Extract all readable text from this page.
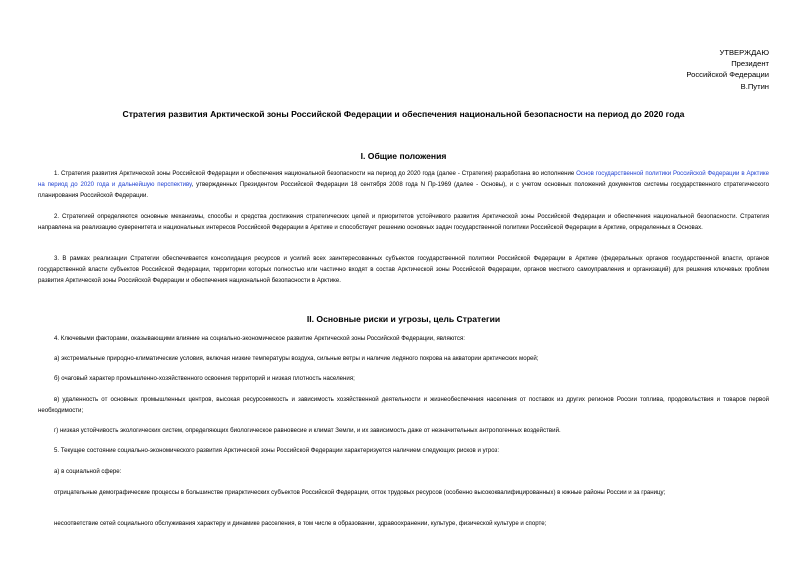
УТВЕРЖДАЮ
Президент
Российской Федерации
В.Путин
Стратегия развития Арктической зоны Российской Федерации и обеспечения национальной безопасности на период до 2020 года
I. Общие положения
1. Стратегия развития Арктической зоны Российской Федерации и обеспечения национальной безопасности на период до 2020 года (далее - Стратегия) разработана во исполнение Основ государственной политики Российской Федерации в Арктике на период до 2020 года и дальнейшую перспективу, утвержденных Президентом Российской Федерации 18 сентября 2008 года N Пр-1969 (далее - Основы), и с учетом основных положений документов системы государственного стратегического планирования Российской Федерации.
2. Стратегией определяются основные механизмы, способы и средства достижения стратегических целей и приоритетов устойчивого развития Арктической зоны Российской Федерации и обеспечения национальной безопасности. Стратегия направлена на реализацию суверенитета и национальных интересов Российской Федерации в Арктике и способствует решению основных задач государственной политики Российской Федерации в Арктике, определенных в Основах.
3. В рамках реализации Стратегии обеспечивается консолидация ресурсов и усилий всех заинтересованных субъектов государственной политики Российской Федерации в Арктике (федеральных органов государственной власти, органов государственной власти субъектов Российской Федерации, территории которых полностью или частично входят в состав Арктической зоны Российской Федерации, органов местного самоуправления и организаций) для решения ключевых проблем развития Арктической зоны Российской Федерации и обеспечения национальной безопасности в Арктике.
II. Основные риски и угрозы, цель Стратегии
4. Ключевыми факторами, оказывающими влияние на социально-экономическое развитие Арктической зоны Российской Федерации, являются:
а) экстремальные природно-климатические условия, включая низкие температуры воздуха, сильные ветры и наличие ледяного покрова на акватории арктических морей;
б) очаговый характер промышленно-хозяйственного освоения территорий и низкая плотность населения;
в) удаленность от основных промышленных центров, высокая ресурсоемкость и зависимость хозяйственной деятельности и жизнеобеспечения населения от поставок из других регионов России топлива, продовольствия и товаров первой необходимости;
г) низкая устойчивость экологических систем, определяющих биологическое равновесие и климат Земли, и их зависимость даже от незначительных антропогенных воздействий.
5. Текущее состояние социально-экономического развития Арктической зоны Российской Федерации характеризуется наличием следующих рисков и угроз:
а) в социальной сфере:
отрицательные демографические процессы в большинстве приарктических субъектов Российской Федерации, отток трудовых ресурсов (особенно высококвалифицированных) в южные районы России и за границу;
несоответствие сетей социального обслуживания характеру и динамике расселения, в том числе в образовании, здравоохранении, культуре, физической культуре и спорте;
